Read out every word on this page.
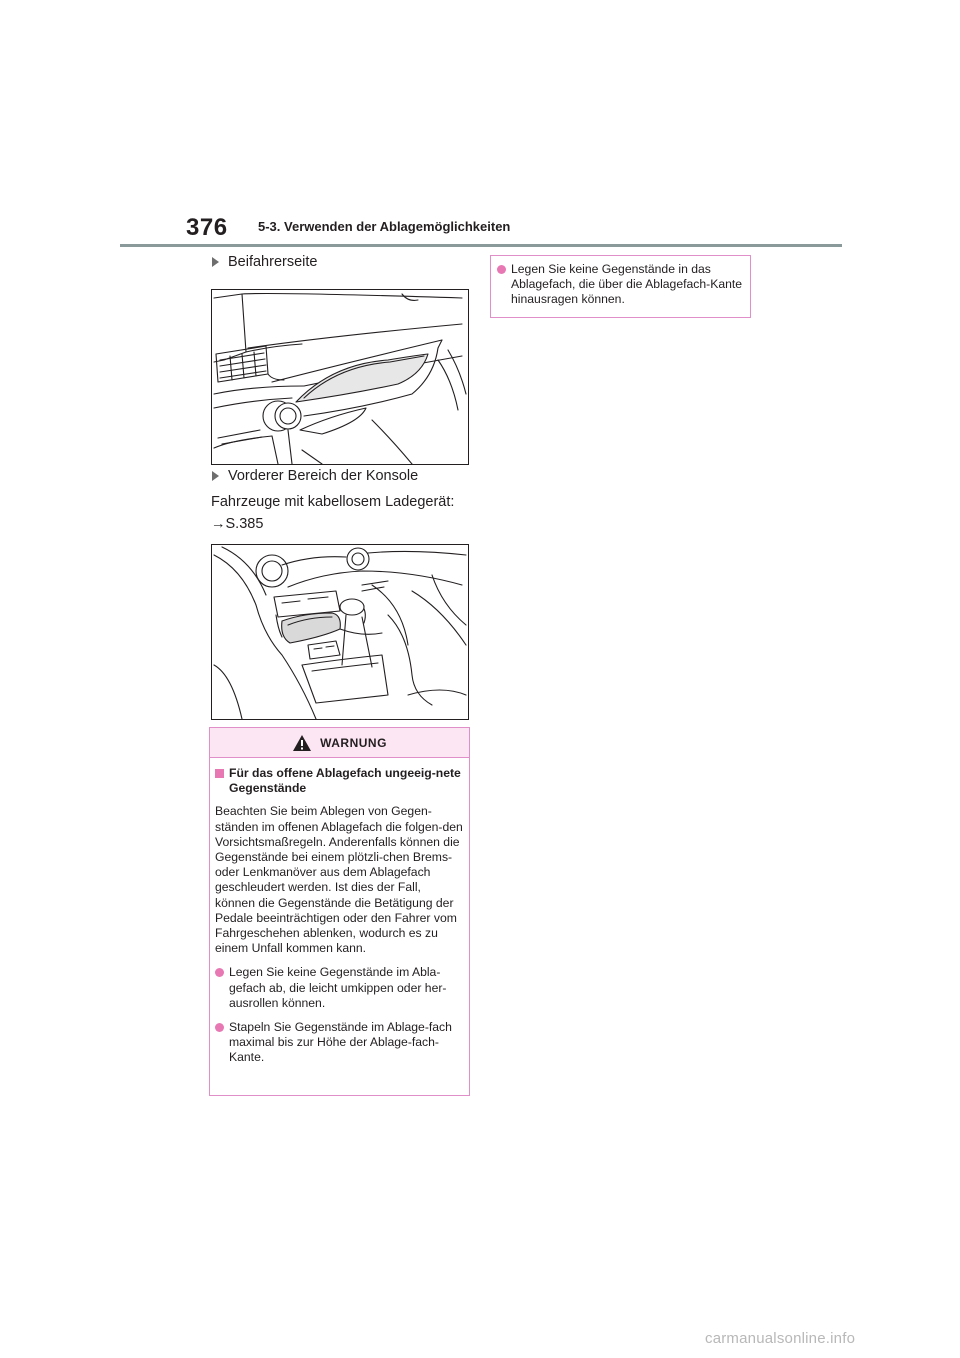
376 5-3. Verwenden der Ablagemöglichkeiten
Beifahrerseite
Vorderer Bereich der Konsole
Fahrzeuge mit kabellosem Ladegerät:
→S.385
WARNUNG
Für das offene Ablagefach ungeeig-nete Gegenstände
Beachten Sie beim Ablegen von Gegen-ständen im offenen Ablagefach die folgen-den Vorsichtsmaßregeln. Anderenfalls können die Gegenstände bei einem plötzli-chen Brems- oder Lenkmanöver aus dem Ablagefach geschleudert werden. Ist dies der Fall, können die Gegenstände die Betätigung der Pedale beeinträchtigen oder den Fahrer vom Fahrgeschehen ablenken, wodurch es zu einem Unfall kommen kann.
Legen Sie keine Gegenstände im Abla-gefach ab, die leicht umkippen oder her-ausrollen können.
Stapeln Sie Gegenstände im Ablage-fach maximal bis zur Höhe der Ablage-fach-Kante.
Legen Sie keine Gegenstände in das Ablagefach, die über die Ablagefach-Kante hinausragen können.
carmanualsonline.info
